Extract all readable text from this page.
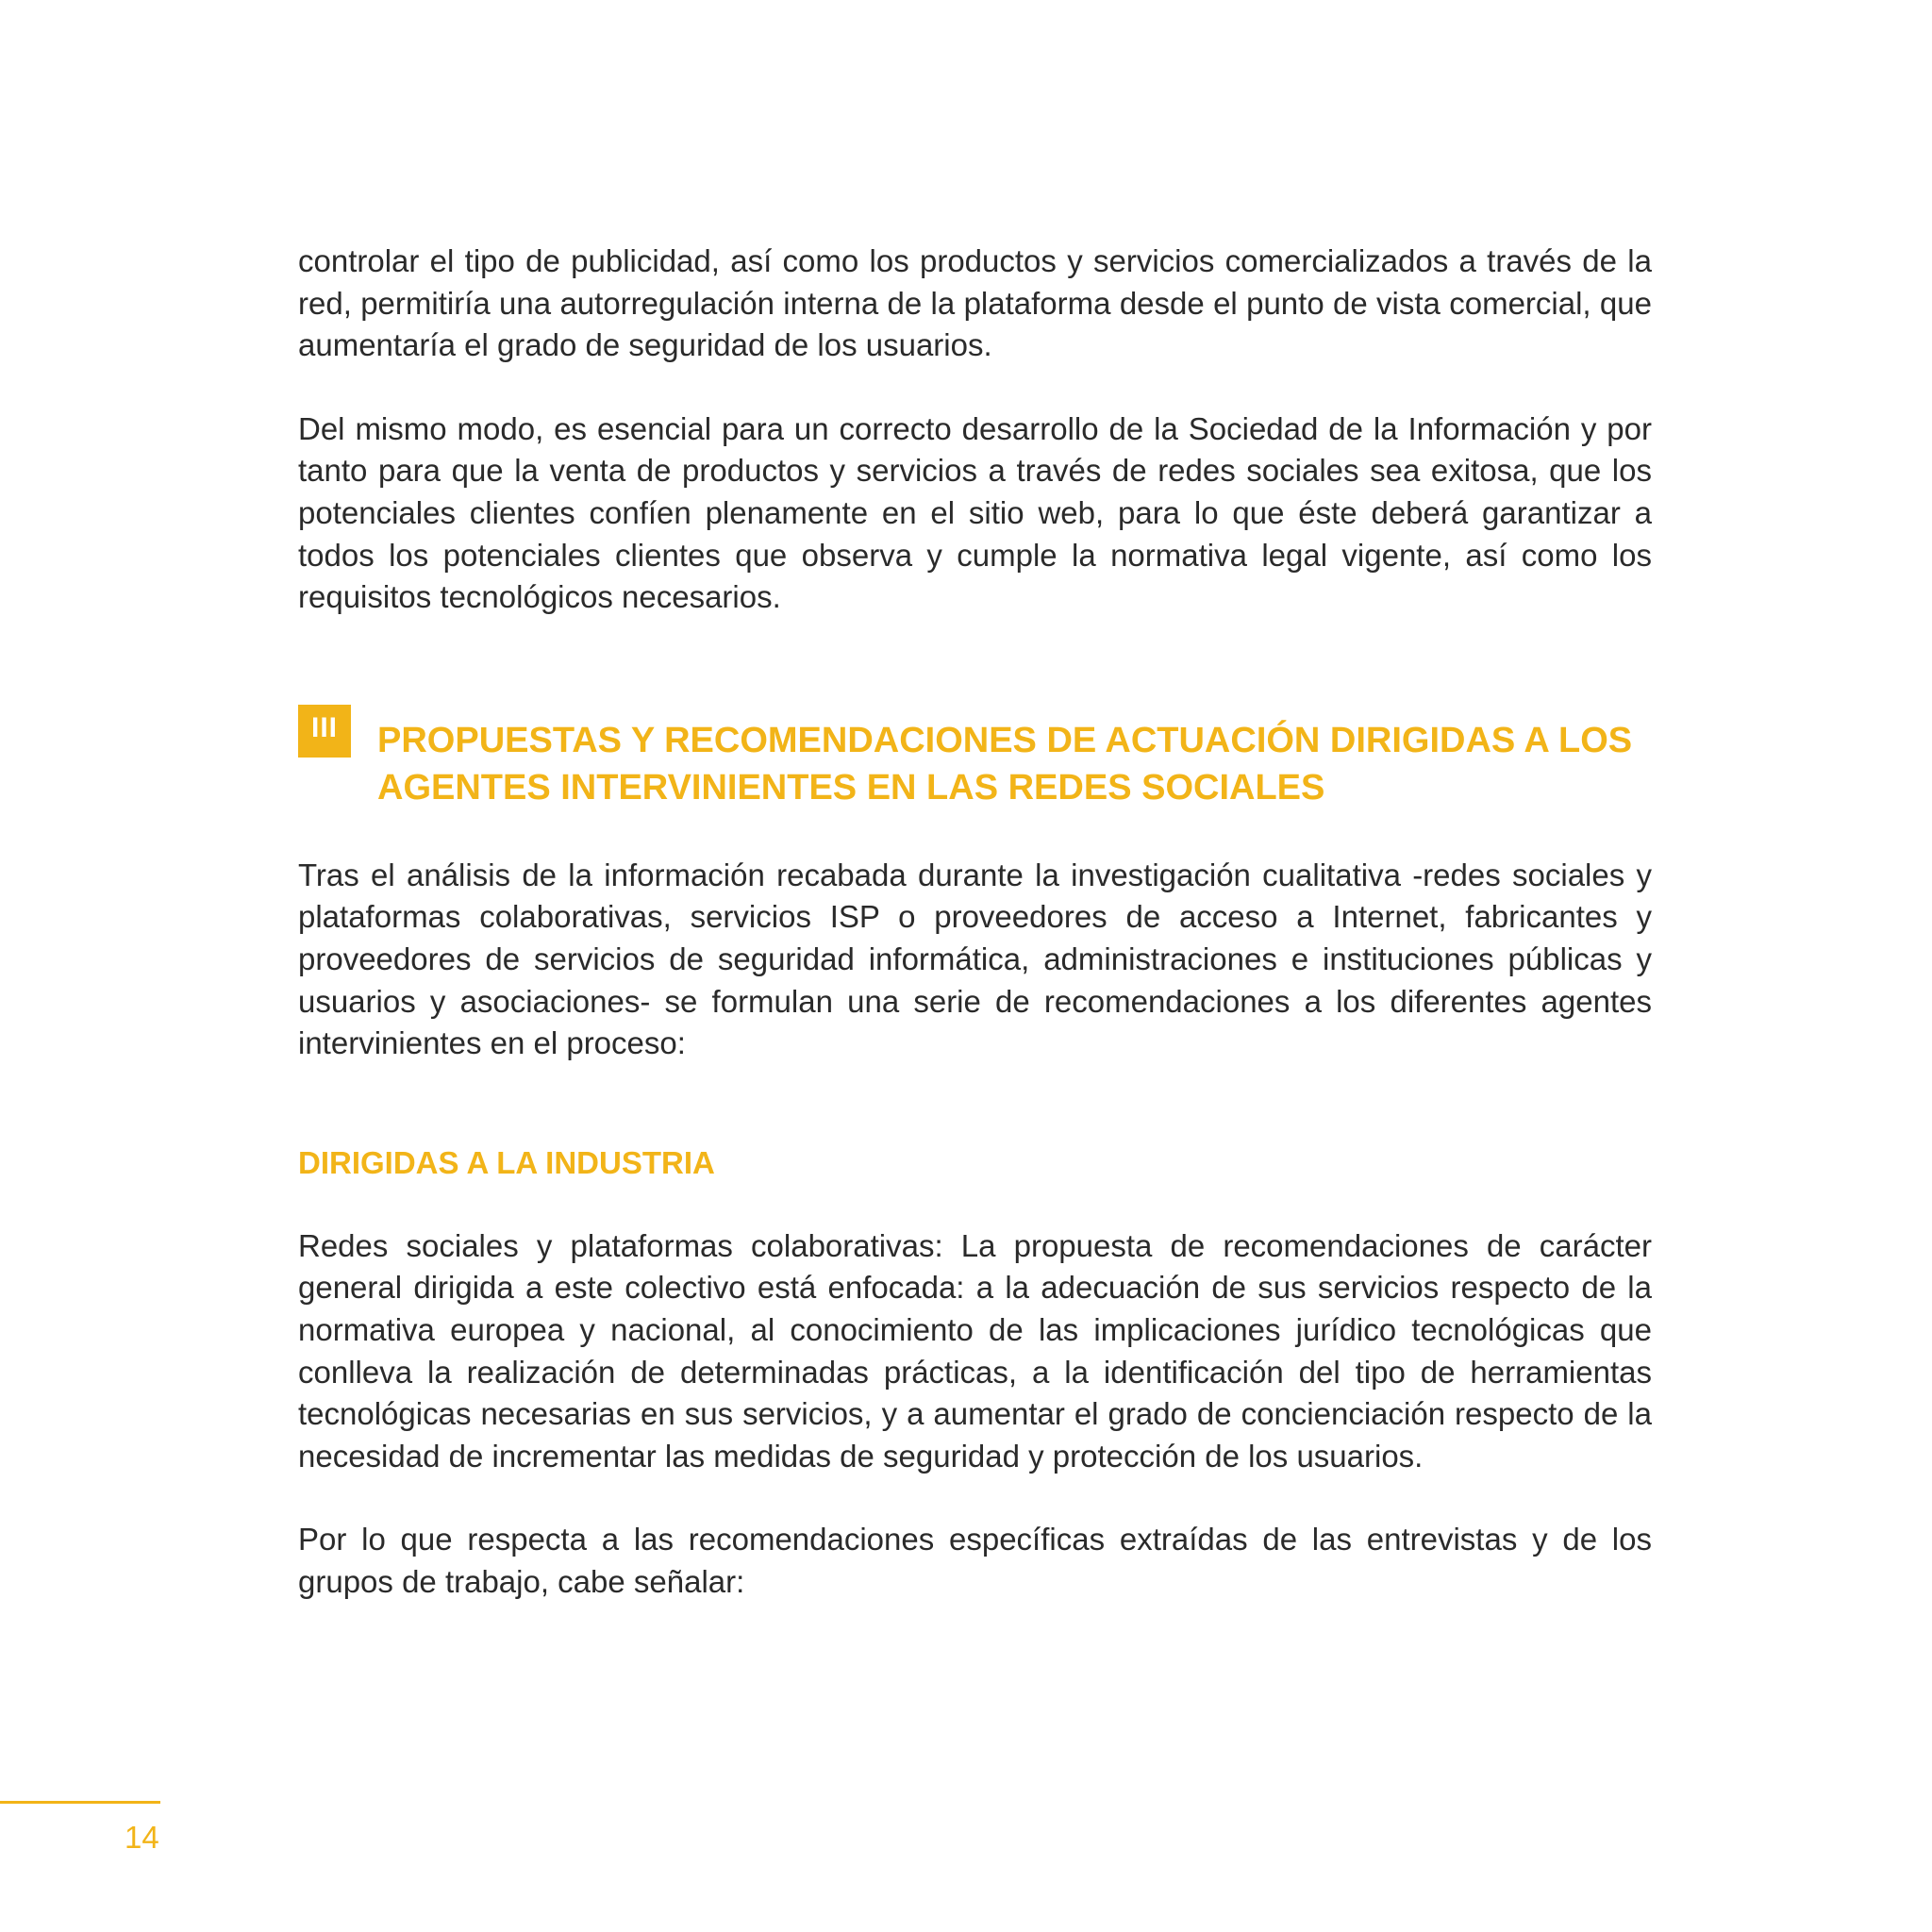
controlar el tipo de publicidad, así como los productos y servicios comercializados a través de la red, permitiría una autorregulación interna de la plataforma desde el punto de vista comercial, que aumentaría el grado de seguridad de los usuarios.

Del mismo modo, es esencial para un correcto desarrollo de la Sociedad de la Información y por tanto para que la venta de productos y servicios a través de redes sociales sea exitosa, que los potenciales clientes confíen plenamente en el sitio web, para lo que éste deberá garantizar a todos los potenciales clientes que observa y cumple la normativa legal vigente, así como los requisitos tecnológicos necesarios.

III	PROPUESTAS Y RECOMENDACIONES DE ACTUACIÓN DIRIGIDAS A LOS AGENTES INTERVINIENTES EN LAS REDES SOCIALES

Tras el análisis de la información recabada durante la investigación cualitativa -redes sociales y plataformas colaborativas, servicios ISP o proveedores de acceso a Internet, fabricantes y proveedores de servicios de seguridad informática, administraciones e instituciones públicas y usuarios y asociaciones- se formulan una serie de recomendaciones a los diferentes agentes intervinientes en el proceso:

DIRIGIDAS A LA INDUSTRIA

Redes sociales y plataformas colaborativas: La propuesta de recomendaciones de carácter general dirigida a este colectivo está enfocada: a la adecuación de sus servicios respecto de la normativa europea y nacional, al conocimiento de las implicaciones jurídico tecnológicas que conlleva la realización de determinadas prácticas, a la identificación del tipo de herramientas tecnológicas necesarias en sus servicios, y a aumentar el grado de concienciación respecto de la necesidad de incrementar las medidas de seguridad y protección de los usuarios.

Por lo que respecta a las recomendaciones específicas extraídas de las entrevistas y de los grupos de trabajo, cabe señalar:

14
